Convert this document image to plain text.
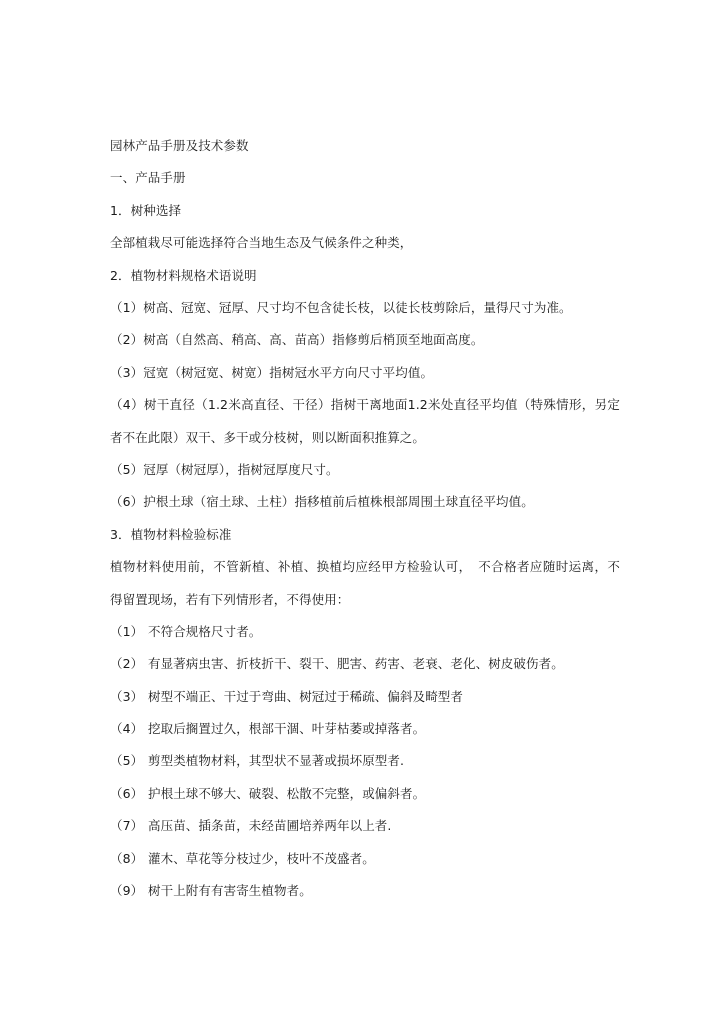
园林产品手册及技术参数
一、产品手册
1．树种选择
全部植栽尽可能选择符合当地生态及气候条件之种类，
2．植物材料规格术语说明
（1）树高、冠宽、冠厚、尺寸均不包含徒长枝，以徒长枝剪除后，量得尺寸为准。
（2）树高（自然高、稍高、高、苗高）指修剪后梢顶至地面高度。
（3）冠宽（树冠宽、树宽）指树冠水平方向尺寸平均值。
（4）树干直径（1.2米高直径、干径）指树干离地面1.2米处直径平均值（特殊情形，另定者不在此限）双干、多干或分枝树，则以断面积推算之。
（5）冠厚（树冠厚），指树冠厚度尺寸。
（6）护根土球（宿土球、土柱）指移植前后植株根部周围土球直径平均值。
3．植物材料检验标准
植物材料使用前，不管新植、补植、换植均应经甲方检验认可，　不合格者应随时运离，不得留置现场，若有下列情形者，不得使用：
（1） 不符合规格尺寸者。
（2） 有显著病虫害、折枝折干、裂干、肥害、药害、老衰、老化、树皮破伤者。
（3） 树型不端正、干过于弯曲、树冠过于稀疏、偏斜及畸型者
（4） 挖取后搁置过久，根部干涸、叶芽枯萎或掉落者。
（5） 剪型类植物材料，其型状不显著或损坏原型者.
（6） 护根土球不够大、破裂、松散不完整，或偏斜者。
（7） 高压苗、插条苗，未经苗圃培养两年以上者.
（8） 灌木、草花等分枝过少，枝叶不茂盛者。
（9） 树干上附有有害寄生植物者。
